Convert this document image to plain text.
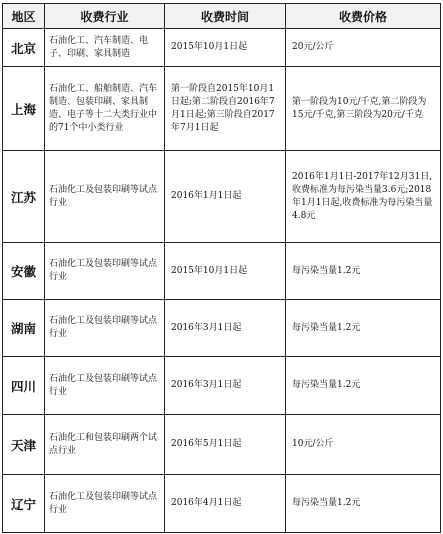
地区	收费行业	收费时间	收费价格
北京	石油化工、汽车制造、电子、印刷、家具制造	2015年10月1日起	20元/公斤
上海	石油化工、船舶制造、汽车制造、包装印刷、家具制造、电子等十二大类行业中的71个中小类行业	第一阶段自2015年10月1日起;第二阶段自2016年7月1日起;第三阶段自2017年7月1日起	第一阶段为10元/千克,第二阶段为15元/千克,第三阶段为20元/千克
江苏	石油化工及包装印刷等试点行业	2016年1月1日起	2016年1月1日-2017年12月31日,收费标准为每污染当量3.6元;2018年1月1日起,收费标准为每污染当量4.8元
安徽	石油化工及包装印刷等试点行业	2015年10月1日起	每污染当量1.2元
湖南	石油化工及包装印刷等试点行业	2016年3月1日起	每污染当量1.2元
四川	石油化工及包装印刷等试点行业	2016年3月1日起	每污染当量1.2元
天津	石油化工和包装印刷两个试点行业	2016年5月1日起	10元/公斤
辽宁	石油化工及包装印刷等试点行业	2016年4月1日起	每污染当量1.2元
